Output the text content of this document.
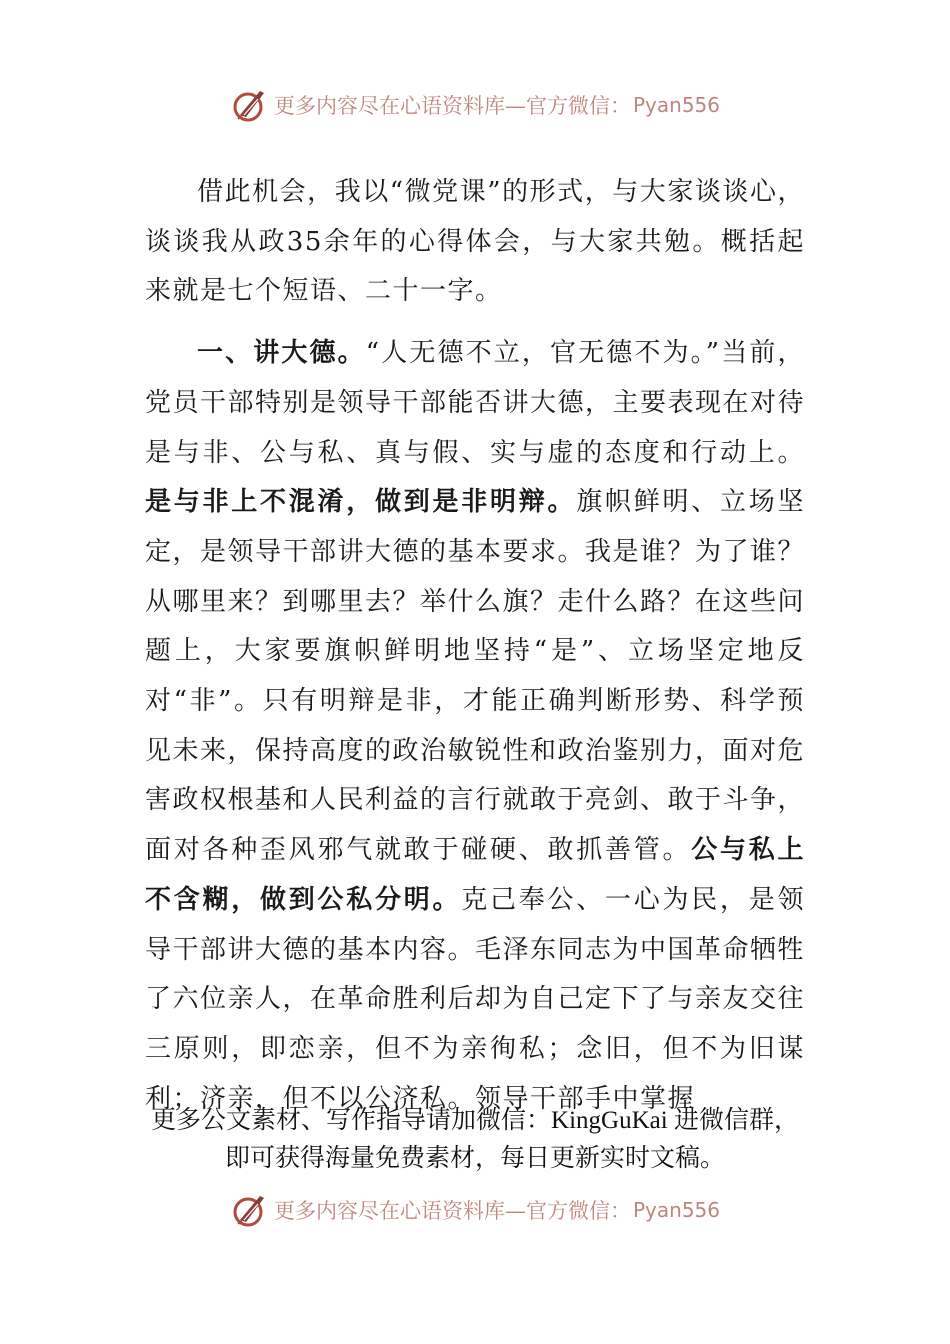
更多内容尽在心语资料库—官方微信： Pyan556

借此机会，我以“微党课”的形式，与大家谈谈心，谈谈我从政35余年的心得体会，与大家共勉。概括起来就是七个短语、二十一字。

一、讲大德。“人无德不立，官无德不为。”当前，党员干部特别是领导干部能否讲大德，主要表现在对待是与非、公与私、真与假、实与虚的态度和行动上。是与非上不混淆，做到是非明辩。旗帜鲜明、立场坚定，是领导干部讲大德的基本要求。我是谁？为了谁？从哪里来？到哪里去？举什么旗？走什么路？在这些问题上，大家要旗帜鲜明地坚持“是”、立场坚定地反对“非”。只有明辩是非，才能正确判断形势、科学预见未来，保持高度的政治敏锐性和政治鉴别力，面对危害政权根基和人民利益的言行就敢于亮剑、敢于斗争，面对各种歪风邪气就敢于碰硬、敢抓善管。公与私上不含糊，做到公私分明。克己奉公、一心为民，是领导干部讲大德的基本内容。毛泽东同志为中国革命牺牲了六位亲人，在革命胜利后却为自己定下了与亲友交往三原则，即恋亲，但不为亲徇私；念旧，但不为旧谋利；济亲，但不以公济私。领导干部手中掌握

更多公文素材、写作指导请加微信：KingGuKai 进微信群，
即可获得海量免费素材，每日更新实时文稿。
更多内容尽在心语资料库—官方微信： Pyan556
